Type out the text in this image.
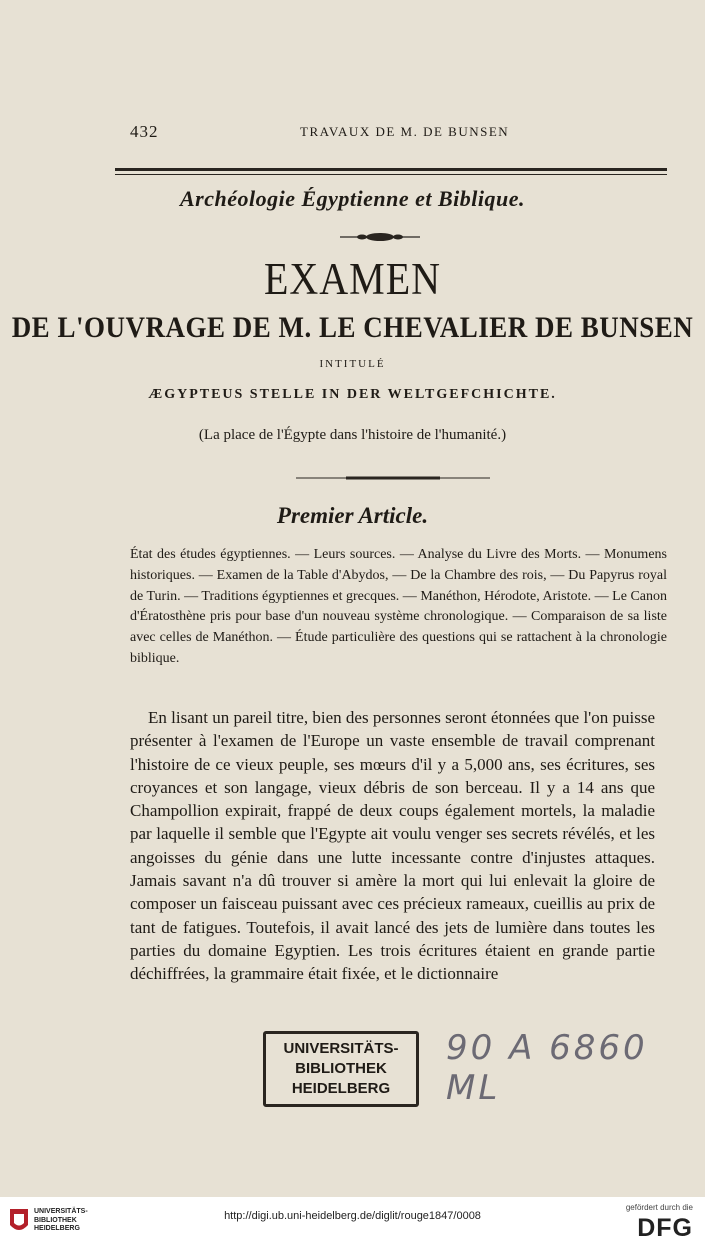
432	TRAVAUX DE M. DE BUNSEN
Archéologie Égyptienne et Biblique.
EXAMEN
DE L'OUVRAGE DE M. LE CHEVALIER DE BUNSEN
INTITULÉ
ÆGYPTEUS STELLE IN DER WELTGEFCHICHTE.
(La place de l'Égypte dans l'histoire de l'humanité.)
Premier Article.
État des études égyptiennes. — Leurs sources. — Analyse du Livre des Morts. — Monumens historiques. — Examen de la Table d'Abydos, — De la Chambre des rois, — Du Papyrus royal de Turin. — Traditions égyptiennes et grecques. — Manéthon, Hérodote, Aristote. — Le Canon d'Ératosthène pris pour base d'un nouveau système chronologique. — Comparaison de sa liste avec celles de Manéthon. — Étude particulière des questions qui se rattachent à la chronologie biblique.
En lisant un pareil titre, bien des personnes seront étonnées que l'on puisse présenter à l'examen de l'Europe un vaste ensemble de travail comprenant l'histoire de ce vieux peuple, ses mœurs d'il y a 5,000 ans, ses écritures, ses croyances et son langage, vieux débris de son berceau. Il y a 14 ans que Champollion expirait, frappé de deux coups également mortels, la maladie par laquelle il semble que l'Egypte ait voulu venger ses secrets révélés, et les angoisses du génie dans une lutte incessante contre d'injustes attaques. Jamais savant n'a dû trouver si amère la mort qui lui enlevait la gloire de composer un faisceau puissant avec ces précieux rameaux, cueillis au prix de tant de fatigues. Toutefois, il avait lancé des jets de lumière dans toutes les parties du domaine Egyptien. Les trois écritures étaient en grande partie déchiffrées, la grammaire était fixée, et le dictionnaire
UNIVERSITÄTS-
BIBLIOTHEK
HEIDELBERG
90 A 6860 ML
UNIVERSITÄTS-
BIBLIOTHEK
HEIDELBERG
http://digi.ub.uni-heidelberg.de/diglit/rouge1847/0008
gefördert durch die
DFG
